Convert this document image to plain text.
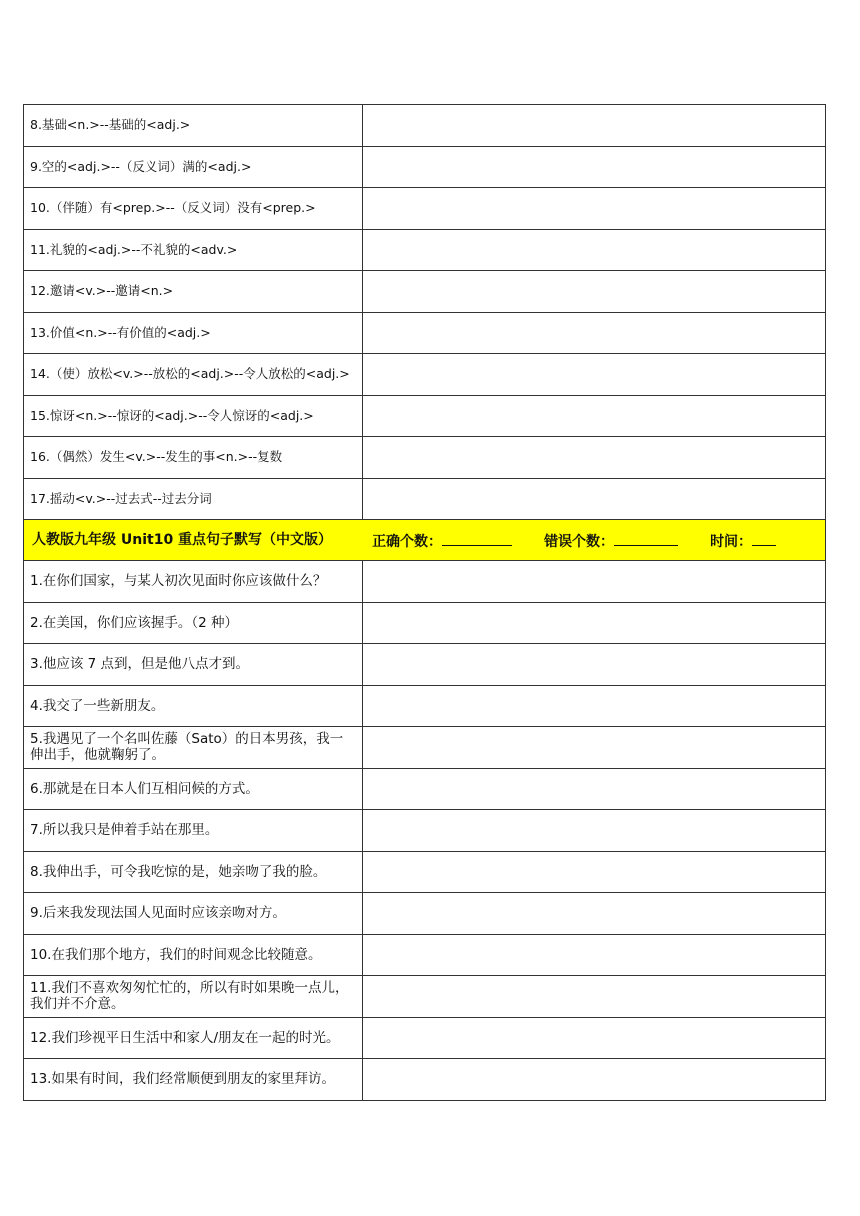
8.基础<n.>--基础的<adj.>	
9.空的<adj.>--（反义词）满的<adj.>	
10.（伴随）有<prep.>--（反义词）没有<prep.>	
11.礼貌的<adj.>--不礼貌的<adv.>	
12.邀请<v.>--邀请<n.>	
13.价值<n.>--有价值的<adj.>	
14.（使）放松<v.>--放松的<adj.>--令人放松的<adj.>	
15.惊讶<n.>--惊讶的<adj.>--令人惊讶的<adj.>	
16.（偶然）发生<v.>--发生的事<n.>--复数	
17.摇动<v.>--过去式--过去分词	

人教版九年级 Unit10 重点句子默写（中文版） 正确个数： 错误个数： 时间：	

1.在你们国家，与某人初次见面时你应该做什么？	
2.在美国，你们应该握手。（2 种）	
3.他应该 7 点到，但是他八点才到。	
4.我交了一些新朋友。	
5.我遇见了一个名叫佐藤（Sato）的日本男孩，我一伸出手，他就鞠躬了。	
6.那就是在日本人们互相问候的方式。	
7.所以我只是伸着手站在那里。	
8.我伸出手，可令我吃惊的是，她亲吻了我的脸。	
9.后来我发现法国人见面时应该亲吻对方。	
10.在我们那个地方，我们的时间观念比较随意。	
11.我们不喜欢匆匆忙忙的，所以有时如果晚一点儿，我们并不介意。	
12.我们珍视平日生活中和家人/朋友在一起的时光。	
13.如果有时间，我们经常顺便到朋友的家里拜访。	
